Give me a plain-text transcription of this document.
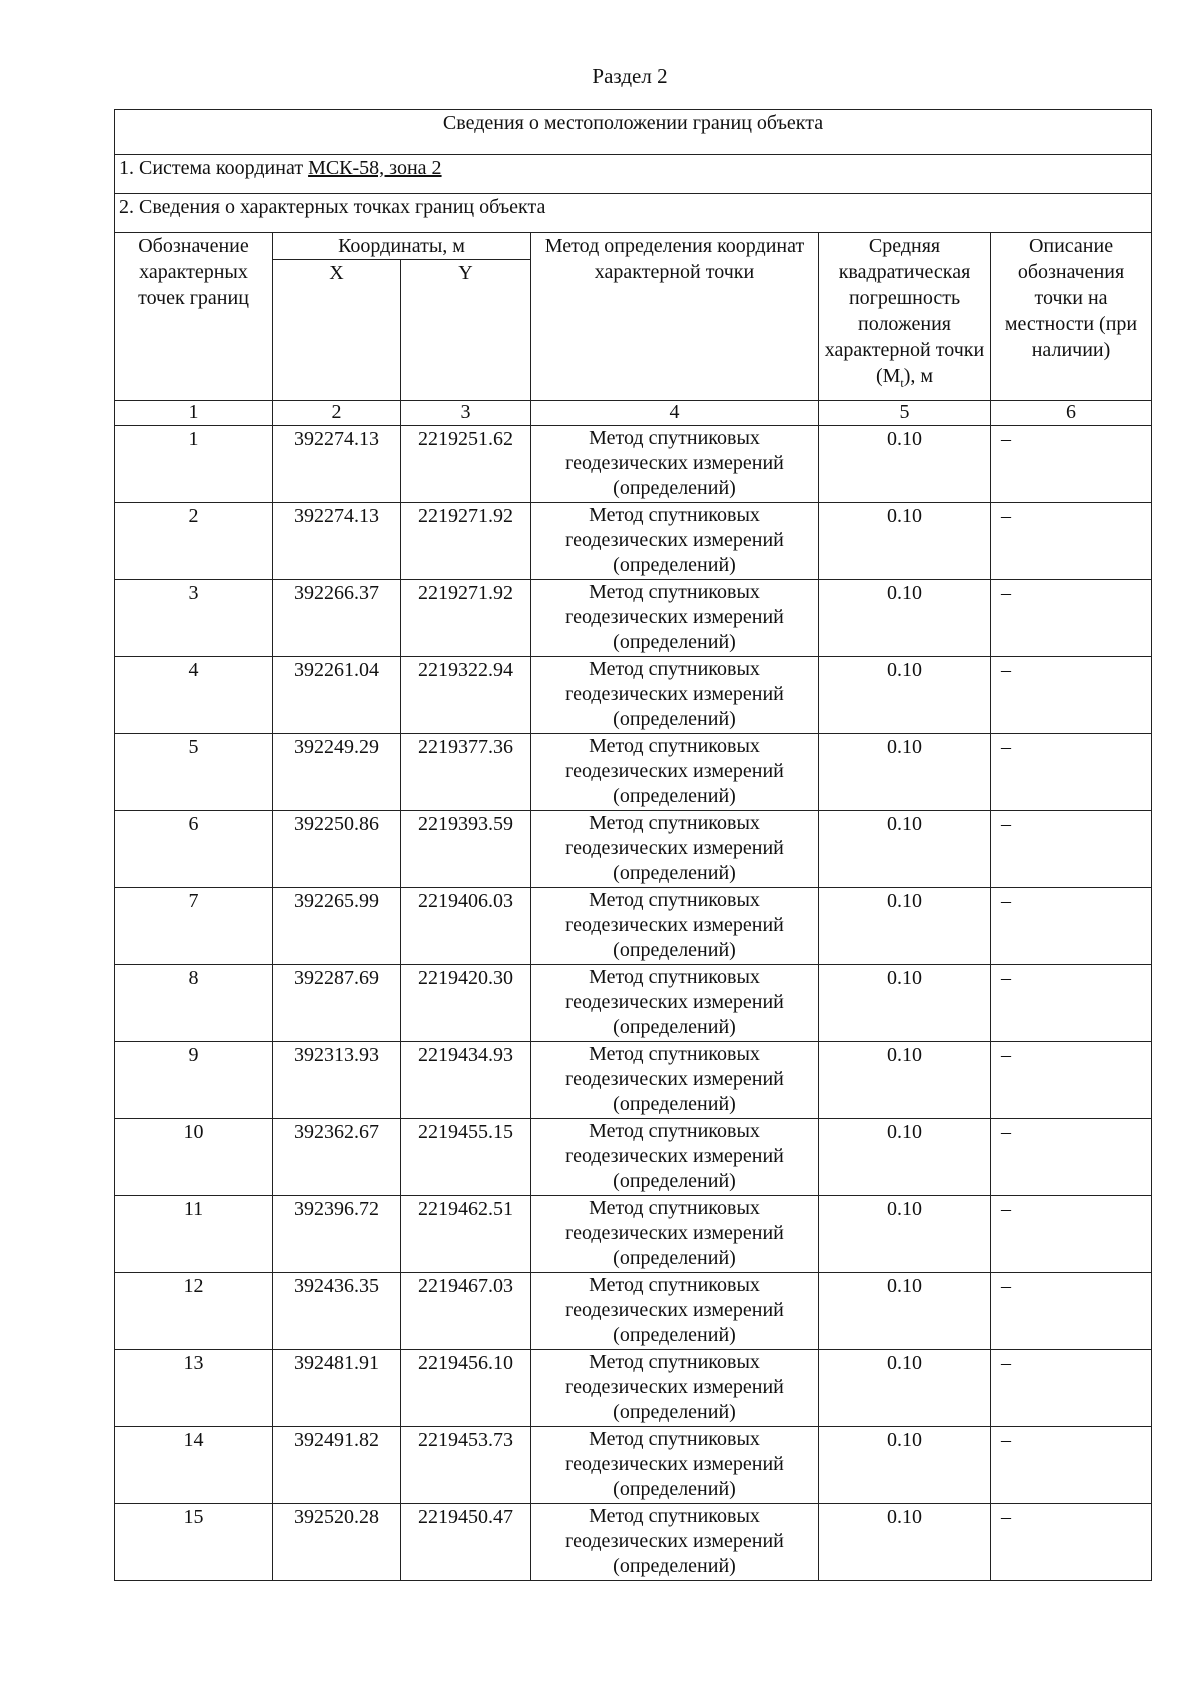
Раздел 2
Сведения о местоположении границ объекта					
1. Система координат МСК-58, зона 2					
2. Сведения о характерных точках границ объекта					
Обозначение характерных точек границ	Координаты, м		Метод определения координат характерной точки	Средняя квадратическая погрешность положения характерной точки $(M_t)$, м	Описание обозначения точки на местности (при наличии)
	X	Y			
1	2	3	4	5	6
1	392274.13	2219251.62	Метод спутниковых геодезических измерений (определений)	0.10	–
2	392274.13	2219271.92	Метод спутниковых геодезических измерений (определений)	0.10	–
3	392266.37	2219271.92	Метод спутниковых геодезических измерений (определений)	0.10	–
4	392261.04	2219322.94	Метод спутниковых геодезических измерений (определений)	0.10	–
5	392249.29	2219377.36	Метод спутниковых геодезических измерений (определений)	0.10	–
6	392250.86	2219393.59	Метод спутниковых геодезических измерений (определений)	0.10	–
7	392265.99	2219406.03	Метод спутниковых геодезических измерений (определений)	0.10	–
8	392287.69	2219420.30	Метод спутниковых геодезических измерений (определений)	0.10	–
9	392313.93	2219434.93	Метод спутниковых геодезических измерений (определений)	0.10	–
10	392362.67	2219455.15	Метод спутниковых геодезических измерений (определений)	0.10	–
11	392396.72	2219462.51	Метод спутниковых геодезических измерений (определений)	0.10	–
12	392436.35	2219467.03	Метод спутниковых геодезических измерений (определений)	0.10	–
13	392481.91	2219456.10	Метод спутниковых геодезических измерений (определений)	0.10	–
14	392491.82	2219453.73	Метод спутниковых геодезических измерений (определений)	0.10	–
15	392520.28	2219450.47	Метод спутниковых геодезических измерений (определений)	0.10	–
